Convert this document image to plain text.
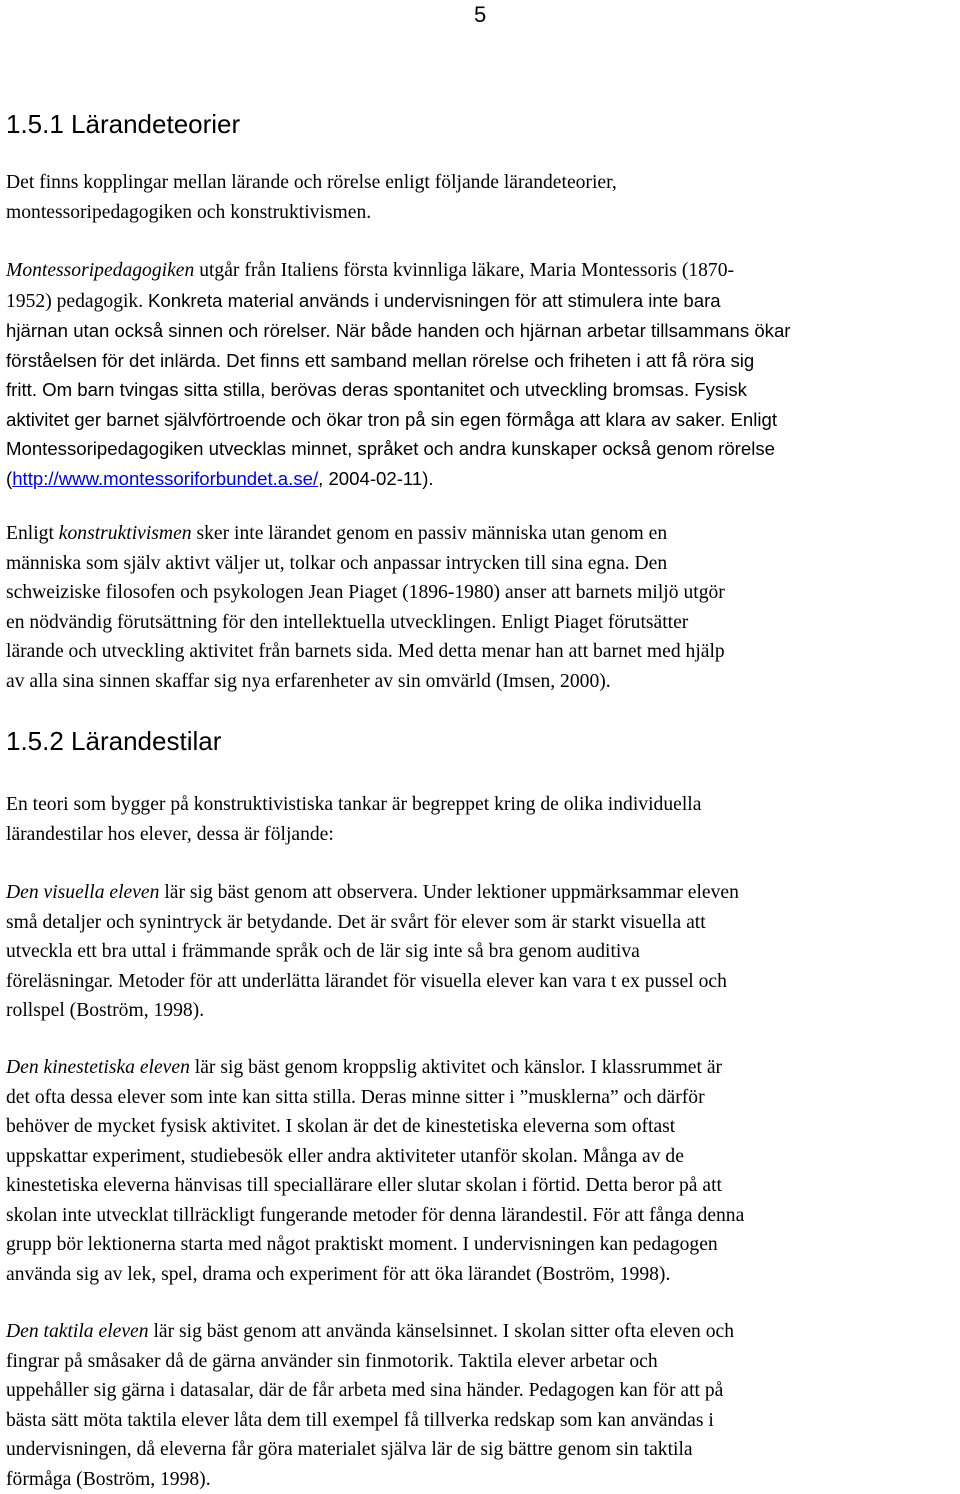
5
1.5.1 Lärandeteorier
Det finns kopplingar mellan lärande och rörelse enligt följande lärandeteorier,
montessoripedagogiken och konstruktivismen.
Montessoripedagogiken utgår från Italiens första kvinnliga läkare, Maria Montessoris (1870-
1952) pedagogik. Konkreta material används i undervisningen för att stimulera inte bara
hjärnan utan också sinnen och rörelser. När både handen och hjärnan arbetar tillsammans ökar
förståelsen för det inlärda. Det finns ett samband mellan rörelse och friheten i att få röra sig
fritt. Om barn tvingas sitta stilla, berövas deras spontanitet och utveckling bromsas. Fysisk
aktivitet ger barnet självförtroende och ökar tron på sin egen förmåga att klara av saker. Enligt
Montessoripedagogiken utvecklas minnet, språket och andra kunskaper också genom rörelse
(http://www.montessoriforbundet.a.se/, 2004-02-11).
Enligt konstruktivismen sker inte lärandet genom en passiv människa utan genom en
människa som själv aktivt väljer ut, tolkar och anpassar intrycken till sina egna. Den
schweiziske filosofen och psykologen Jean Piaget (1896-1980) anser att barnets miljö utgör
en nödvändig förutsättning för den intellektuella utvecklingen. Enligt Piaget förutsätter
lärande och utveckling aktivitet från barnets sida. Med detta menar han att barnet med hjälp
av alla sina sinnen skaffar sig nya erfarenheter av sin omvärld (Imsen, 2000).
1.5.2 Lärandestilar
En teori som bygger på konstruktivistiska tankar är begreppet kring de olika individuella
lärandestilar hos elever, dessa är följande:
Den visuella eleven lär sig bäst genom att observera. Under lektioner uppmärksammar eleven
små detaljer och synintryck är betydande. Det är svårt för elever som är starkt visuella att
utveckla ett bra uttal i främmande språk och de lär sig inte så bra genom auditiva
föreläsningar. Metoder för att underlätta lärandet för visuella elever kan vara t ex pussel och
rollspel (Boström, 1998).
Den kinestetiska eleven lär sig bäst genom kroppslig aktivitet och känslor. I klassrummet är
det ofta dessa elever som inte kan sitta stilla. Deras minne sitter i ”musklerna” och därför
behöver de mycket fysisk aktivitet. I skolan är det de kinestetiska eleverna som oftast
uppskattar experiment, studiebesök eller andra aktiviteter utanför skolan. Många av de
kinestetiska eleverna hänvisas till speciallärare eller slutar skolan i förtid. Detta beror på att
skolan inte utvecklat tillräckligt fungerande metoder för denna lärandestil. För att fånga denna
grupp bör lektionerna starta med något praktiskt moment. I undervisningen kan pedagogen
använda sig av lek, spel, drama och experiment för att öka lärandet (Boström, 1998).
Den taktila eleven lär sig bäst genom att använda känselsinnet. I skolan sitter ofta eleven och
fingrar på småsaker då de gärna använder sin finmotorik. Taktila elever arbetar och
uppehåller sig gärna i datasalar, där de får arbeta med sina händer. Pedagogen kan för att på
bästa sätt möta taktila elever låta dem till exempel få tillverka redskap som kan användas i
undervisningen, då eleverna får göra materialet själva lär de sig bättre genom sin taktila
förmåga (Boström, 1998).
